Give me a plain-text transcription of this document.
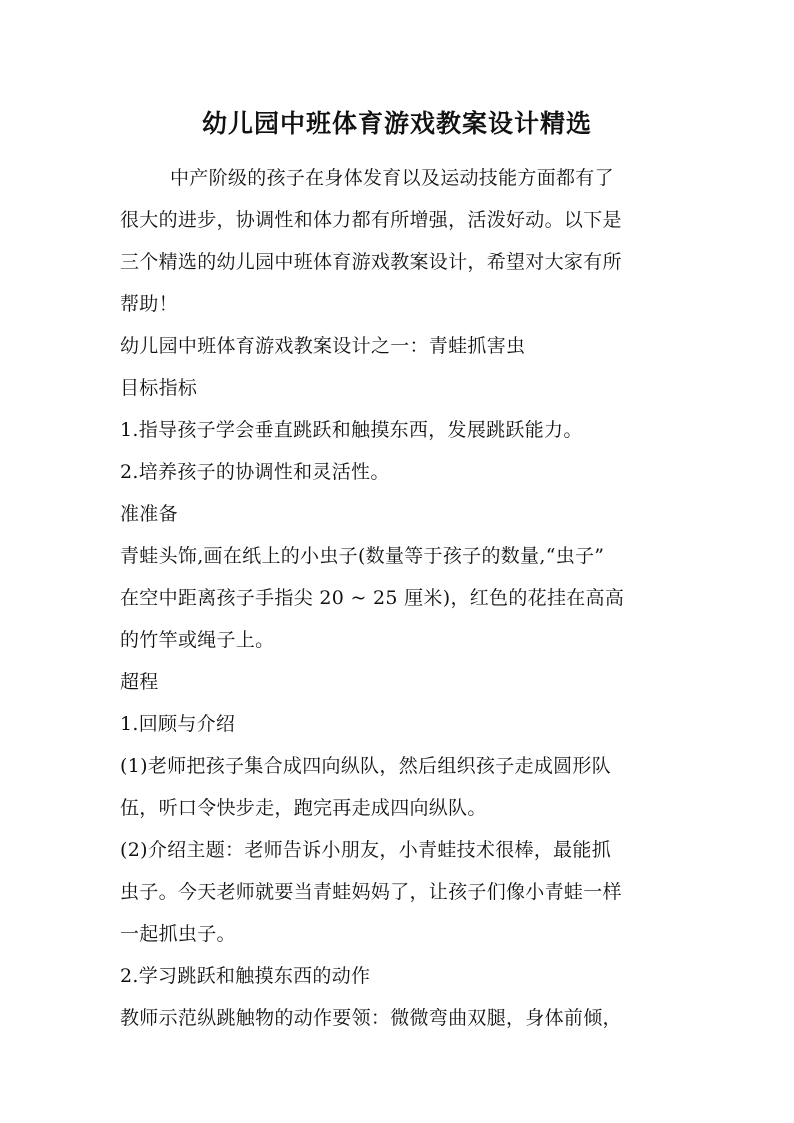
幼儿园中班体育游戏教案设计精选

中产阶级的孩子在身体发育以及运动技能方面都有了

很大的进步，协调性和体力都有所增强，活泼好动。以下是

三个精选的幼儿园中班体育游戏教案设计，希望对大家有所

帮助！

幼儿园中班体育游戏教案设计之一：青蛙抓害虫

目标指标

1.指导孩子学会垂直跳跃和触摸东西，发展跳跃能力。

2.培养孩子的协调性和灵活性。

准准备

青蛙头饰,画在纸上的小虫子(数量等于孩子的数量,“虫子”

在空中距离孩子手指尖 20 ~ 25 厘米)，红色的花挂在高高

的竹竿或绳子上。

超程

1.回顾与介绍

(1)老师把孩子集合成四向纵队，然后组织孩子走成圆形队

伍，听口令快步走，跑完再走成四向纵队。

(2)介绍主题：老师告诉小朋友，小青蛙技术很棒，最能抓

虫子。今天老师就要当青蛙妈妈了，让孩子们像小青蛙一样

一起抓虫子。

2.学习跳跃和触摸东西的动作

教师示范纵跳触物的动作要领：微微弯曲双腿，身体前倾，
